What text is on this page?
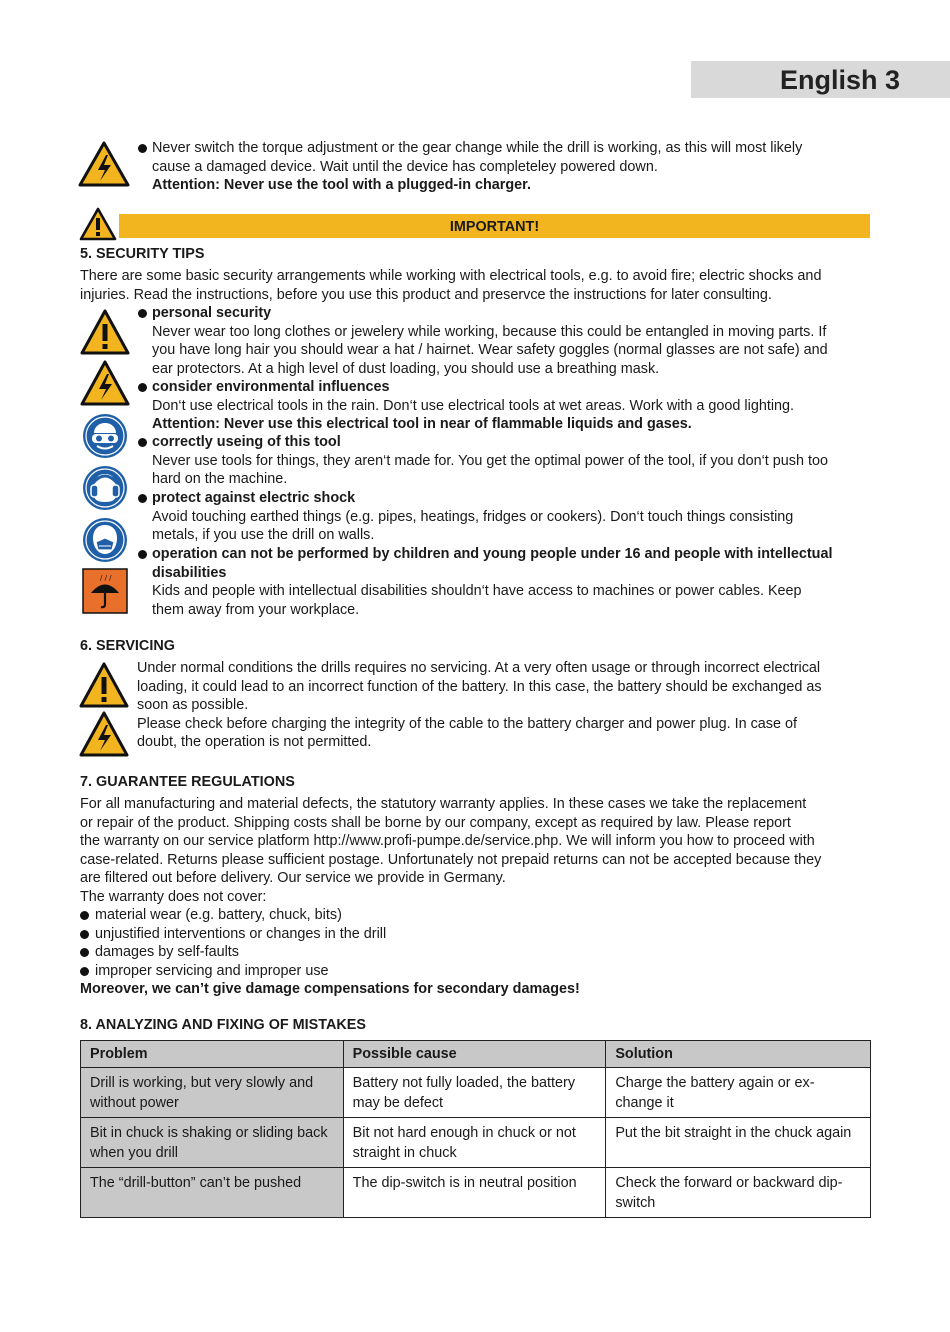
English 3
Never switch the torque adjustment or the gear change while the drill is working, as this will most likely
cause a damaged device. Wait until the device has completeley powered down.
Attention: Never use the tool with a plugged-in charger.
IMPORTANT!
5. SECURITY TIPS
There are some basic security arrangements while working with electrical tools, e.g. to avoid fire; electric shocks and
injuries. Read the instructions, before you use this product and preservce the instructions for later consulting.
/ / /
personal security
Never wear too long clothes or jewelery while working, because this could be entangled in moving parts. If
you have long hair you should wear a hat / hairnet. Wear safety goggles (normal glasses are not safe) and
ear protectors. At a high level of dust loading, you should use a breathing mask.
consider environmental influences
Don‘t use electrical tools in the rain. Don‘t use electrical tools at wet areas. Work with a good lighting.
Attention: Never use this electrical tool in near of flammable liquids and gases.
correctly useing of this tool
Never use tools for things, they aren‘t made for. You get the optimal power of the tool, if you don‘t push too
hard on the machine.
protect against electric shock
Avoid touching earthed things (e.g. pipes, heatings, fridges or cookers). Don‘t touch things consisting
metals, if you use the drill on walls.
operation can not be performed by children and young people under 16 and people with intellectual
disabilities
Kids and people with intellectual disabilities shouldn‘t have access to machines or power cables. Keep
them away from your workplace.
6. SERVICING
Under normal conditions the drills requires no servicing. At a very often usage or through incorrect electrical
loading, it could lead to an incorrect function of the battery. In this case, the battery should be exchanged as
soon as possible.
Please check before charging the integrity of the cable to the battery charger and power plug. In case of
doubt, the operation is not permitted.
7. GUARANTEE REGULATIONS
For all manufacturing and material defects, the statutory warranty applies. In these cases we take the replacement
or repair of the product. Shipping costs shall be borne by our company, except as required by law. Please report
the warranty on our service platform http://www.profi-pumpe.de/service.php. We will inform you how to proceed with
case-related. Returns please sufficient postage. Unfortunately not prepaid returns can not be accepted because they
are filtered out before delivery. Our service we provide in Germany.
The warranty does not cover:
material wear (e.g. battery, chuck, bits)
unjustified interventions or changes in the drill
damages by self-faults
improper servicing and improper use
Moreover, we can’t give damage compensations for secondary damages!
8. ANALYZING AND FIXING OF MISTAKES
Problem	Possible cause	Solution
Drill is working, but very slowly and without power	Battery not fully loaded, the battery may be defect	Charge the battery again or ex-change it
Bit in chuck is shaking or sliding back when you drill	Bit not hard enough in chuck or not straight in chuck	Put the bit straight in the chuck again
The “drill-button” can’t be pushed	The dip-switch is in neutral position	Check the forward or backward dip-switch
